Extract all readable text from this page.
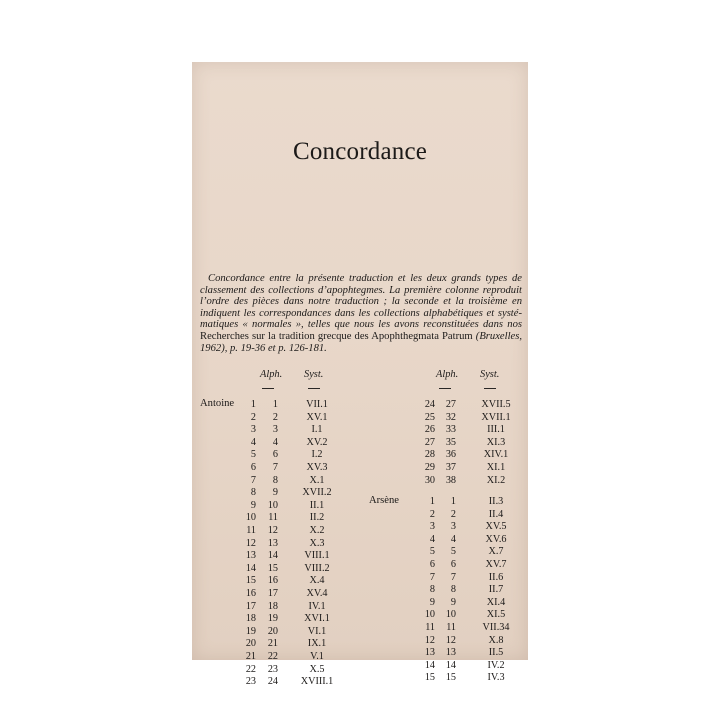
Concordance

Concordance entre la présente traduction et les deux grands types de classement des collections d’apophtegmes. La première colonne reproduit l’ordre des pièces dans notre traduction ; la seconde et la troisième en indiquent les correspondances dans les collections alphabétiques et systématiques « normales », telles que nous les avons reconstituées dans nos Recherches sur la tradition grecque des Apophthegmata Patrum (Bruxelles, 1962), p. 19-36 et p. 126-181.

Alph. Syst.	Alph. Syst.
Antoine
Arsène
1 1	VII.1
2 2	XV.1
3 3	I.1
4 4	XV.2
5 6	I.2
6 7	XV.3
7 8	X.1
8 9 XVII.2
9 10	II.1
10 11	II.2
11 12	X.2
12 13	X.3
13 14	VIII.1
14 15	VIII.2
15 16	X.4
16 17	XV.4
17 18	IV.1
18 19	XVI.1
19 20	VI.1
20 21	IX.1
21 22	V.1
22 23	X.5
23 24 XVIII.1
24 27 XVII.5
25 32 XVII.1
26 33	III.1
27 35	XI.3
28 36	XIV.1
29 37	XI.1
30 38	XI.2
1 1	II.3
2 2	II.4
3 3	XV.5
4 4	XV.6
5 5	X.7
6 6	XV.7
7 7	II.6
8 8	II.7
9 9	XI.4
10 10	XI.5
11 11	VII.34
12 12	X.8
13 13	II.5
14 14	IV.2
15 15	IV.3
